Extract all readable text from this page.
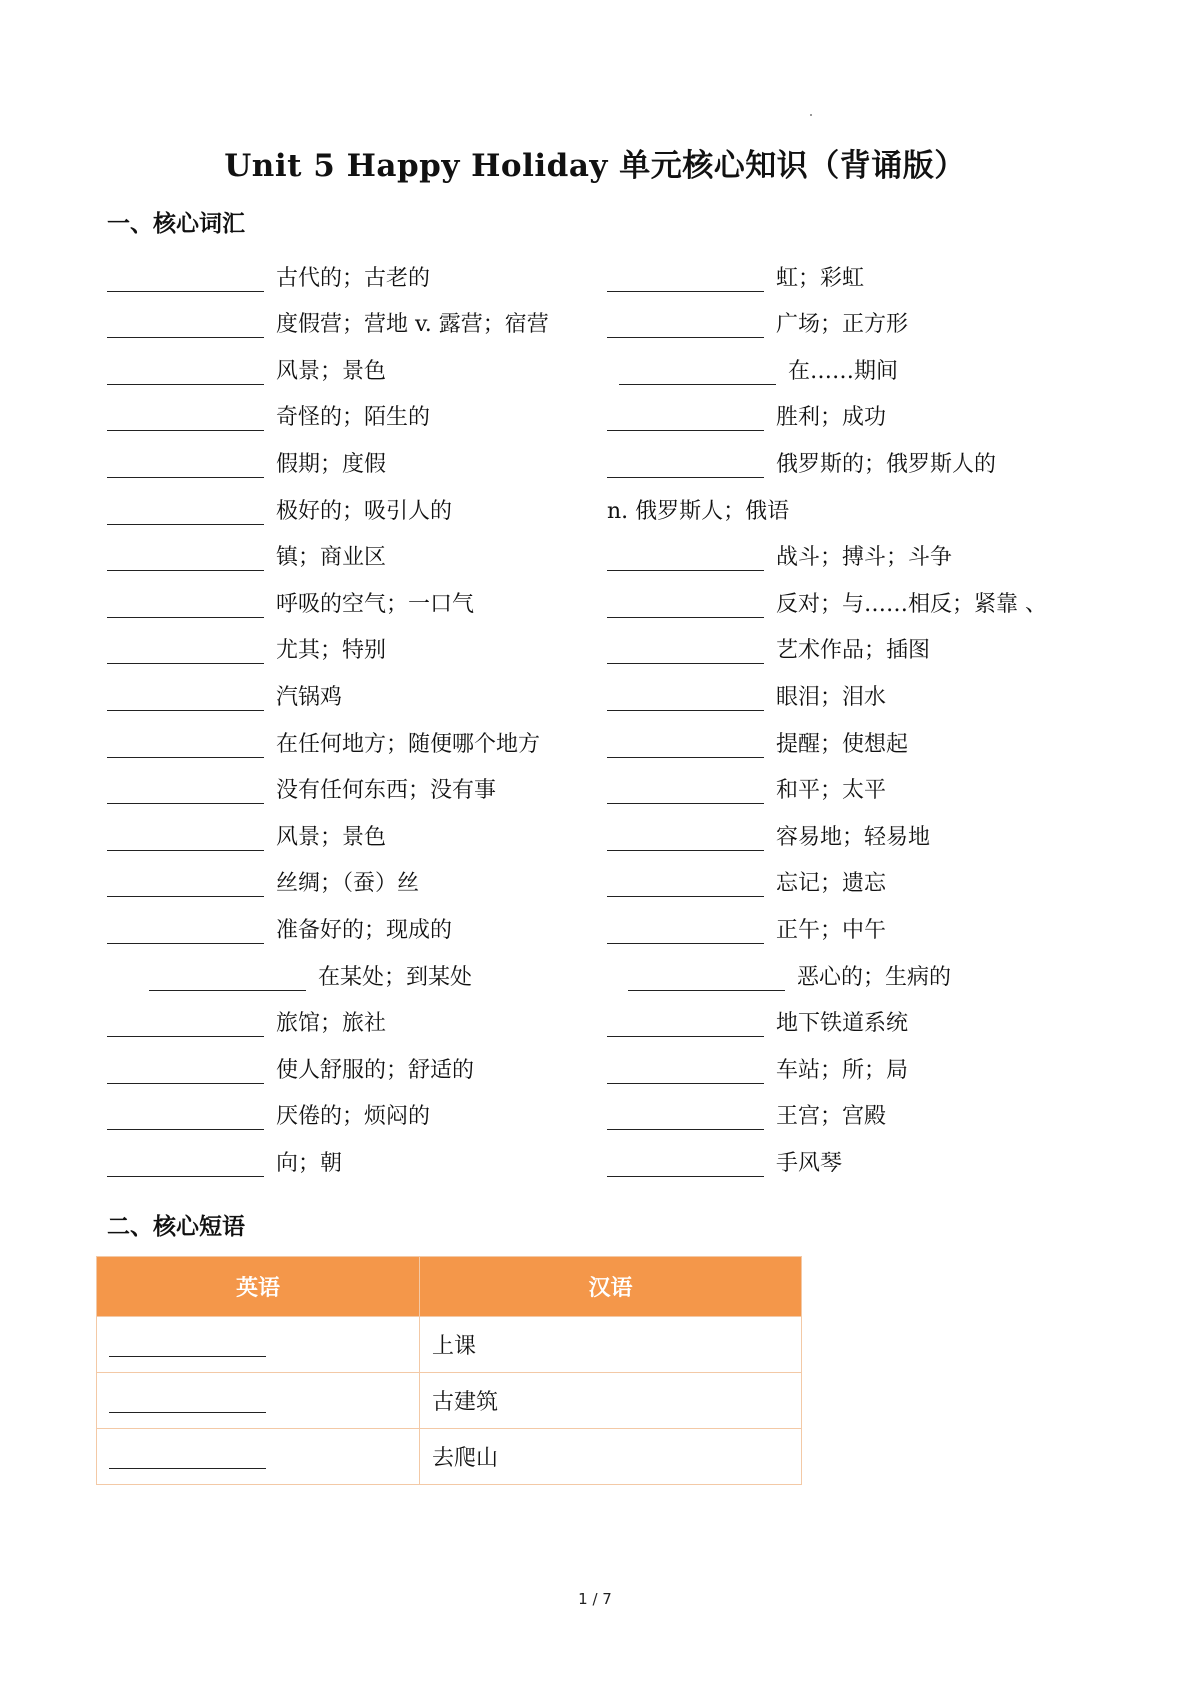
Unit 5 Happy Holiday 单元核心知识（背诵版）
一、核心词汇
古代的；古老的	虹；彩虹
度假营；营地 v. 露营；宿营	广场；正方形
风景；景色	在……期间
奇怪的；陌生的	胜利；成功
假期；度假	俄罗斯的；俄罗斯人的
极好的；吸引人的	n. 俄罗斯人；俄语
镇；商业区	战斗；搏斗；斗争
呼吸的空气；一口气	反对；与……相反；紧靠 、
尤其；特别	艺术作品；插图
汽锅鸡	眼泪；泪水
在任何地方；随便哪个地方	提醒；使想起
没有任何东西；没有事	和平；太平
风景；景色	容易地；轻易地
丝绸；（蚕）丝	忘记；遗忘
准备好的；现成的	正午；中午
在某处；到某处	恶心的；生病的
旅馆；旅社	地下铁道系统
使人舒服的；舒适的	车站；所；局
厌倦的；烦闷的	王宫；宫殿
向；朝	手风琴
二、核心短语
英语	汉语
	上课
	古建筑
	去爬山
1 / 7
